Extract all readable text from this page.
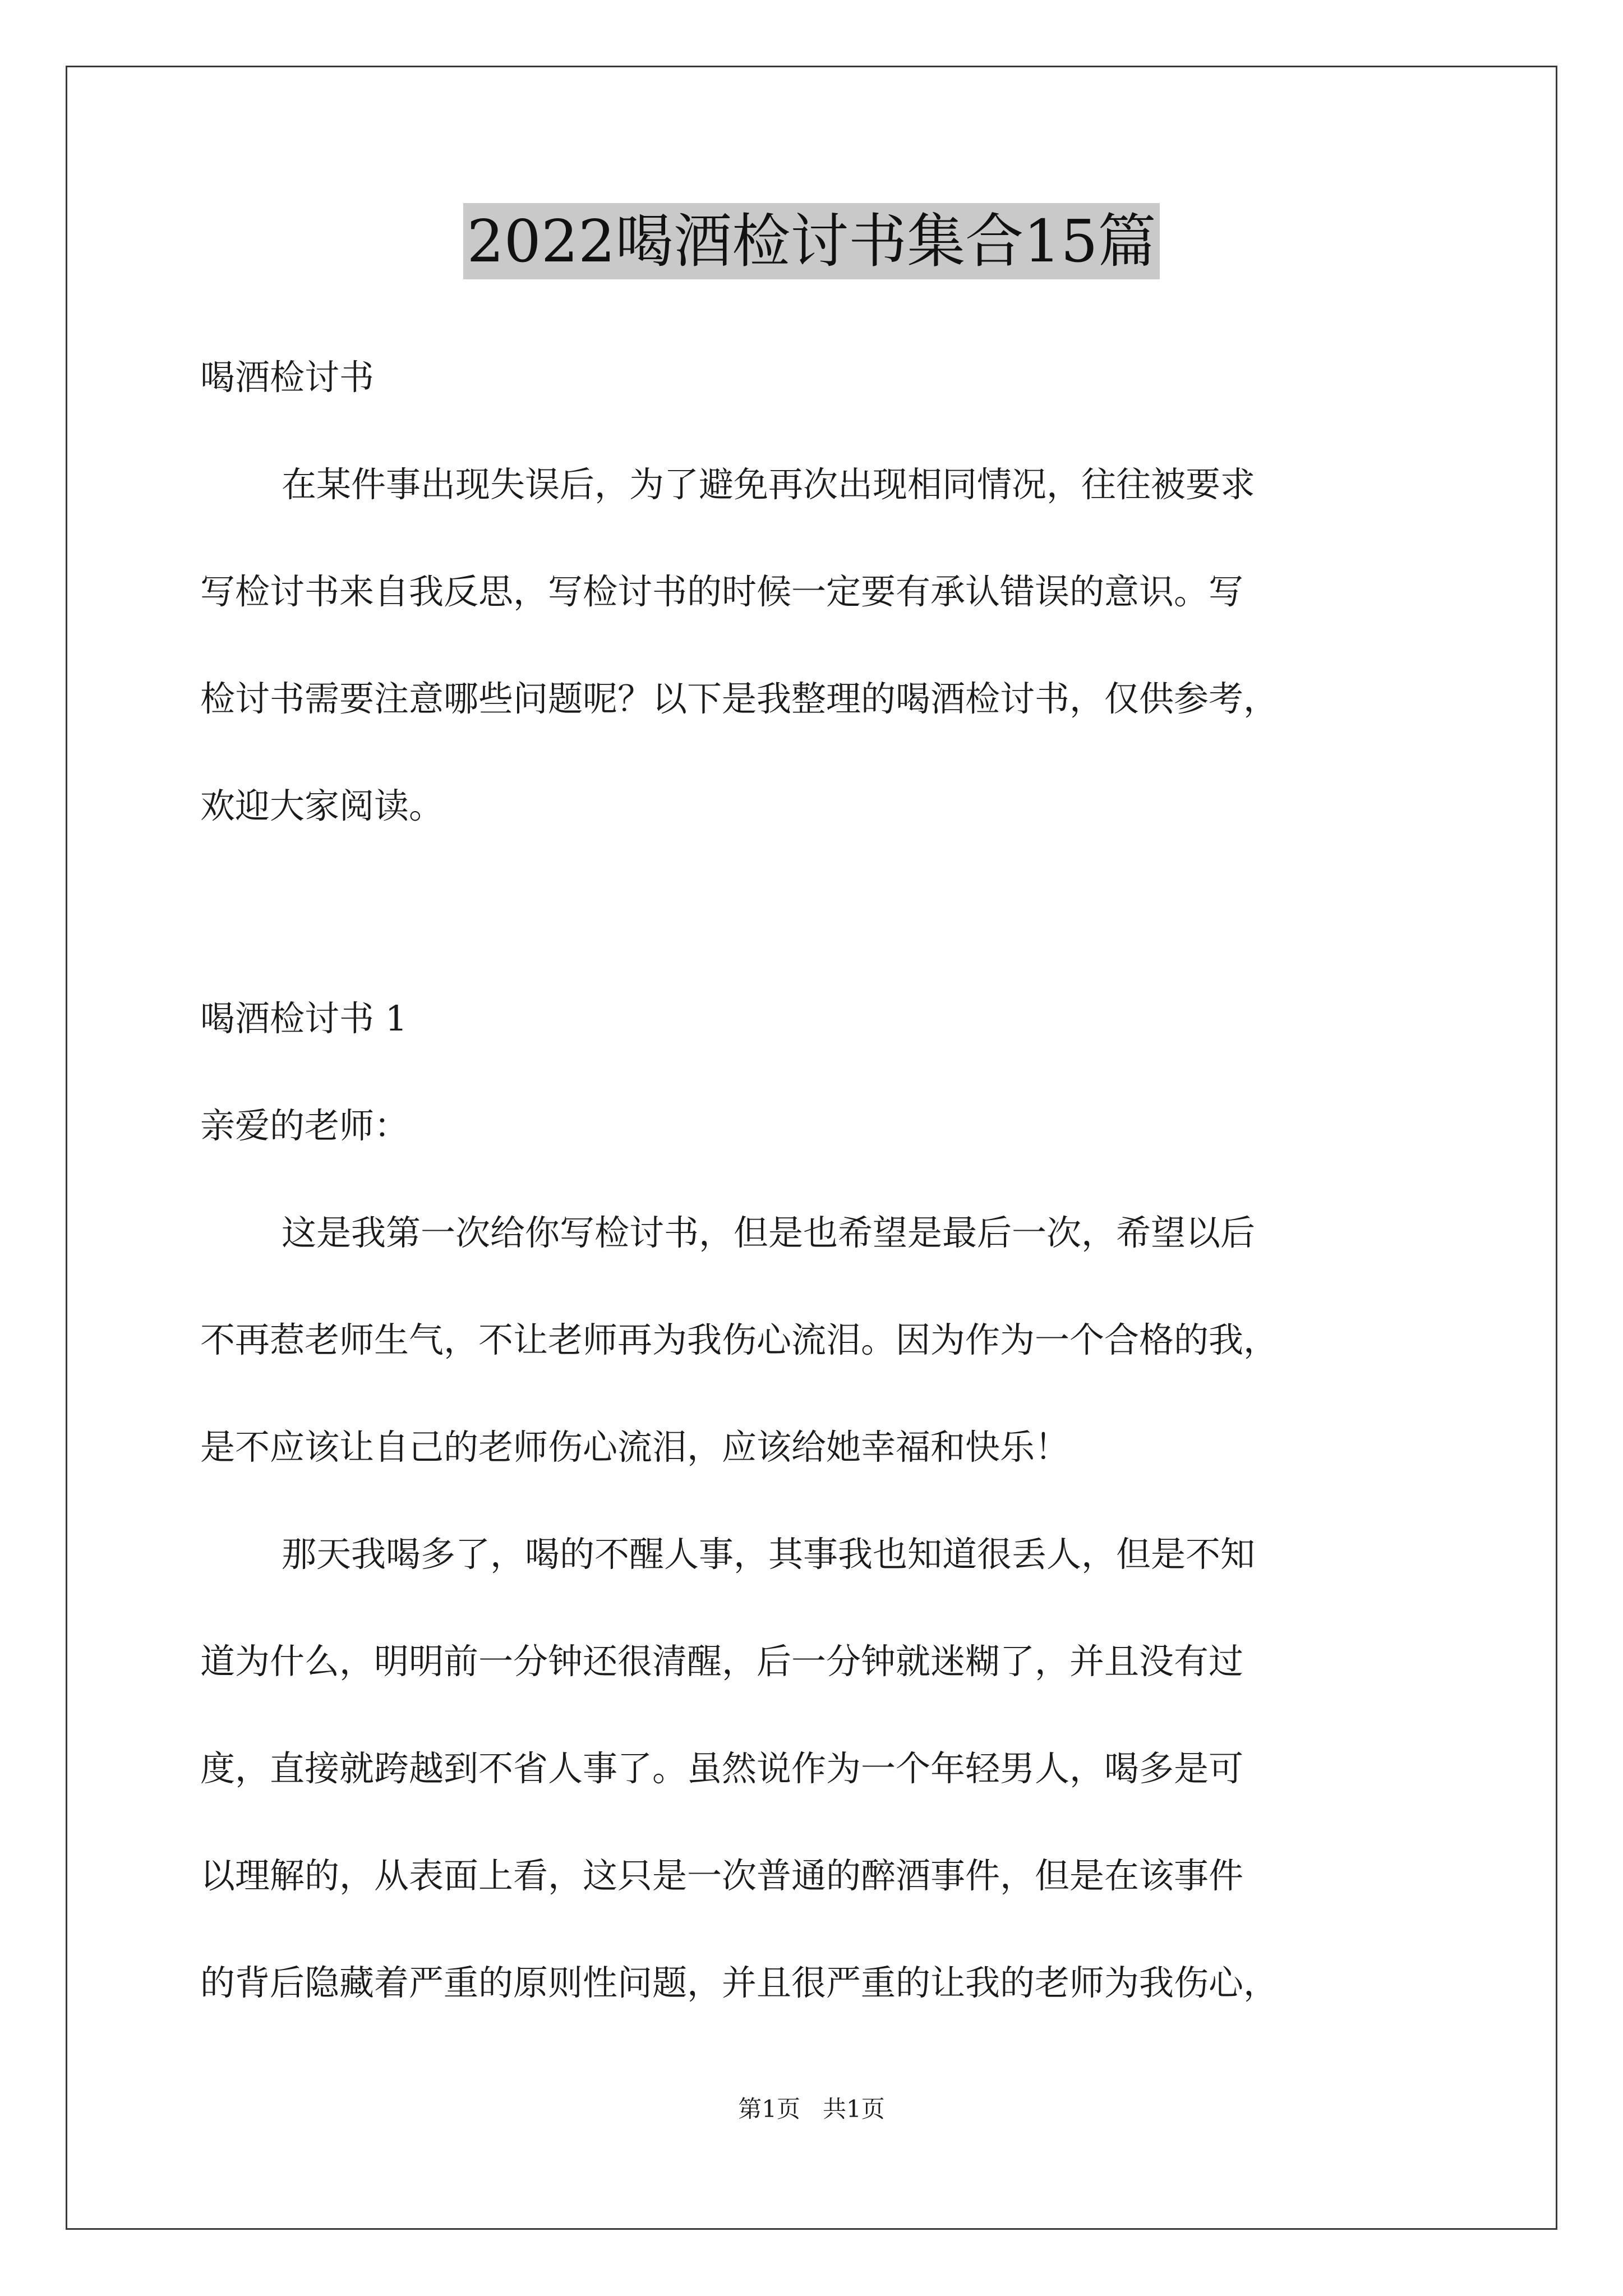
2022喝酒检讨书集合15篇

喝酒检讨书

在某件事出现失误后，为了避免再次出现相同情况，往往被要求

写检讨书来自我反思，写检讨书的时候一定要有承认错误的意识。写

检讨书需要注意哪些问题呢？以下是我整理的喝酒检讨书，仅供参考，

欢迎大家阅读。

喝酒检讨书 1

亲爱的老师：

这是我第一次给你写检讨书，但是也希望是最后一次，希望以后

不再惹老师生气，不让老师再为我伤心流泪。因为作为一个合格的我，

是不应该让自己的老师伤心流泪，应该给她幸福和快乐！

那天我喝多了，喝的不醒人事，其事我也知道很丢人，但是不知

道为什么，明明前一分钟还很清醒，后一分钟就迷糊了，并且没有过

度，直接就跨越到不省人事了。虽然说作为一个年轻男人，喝多是可

以理解的，从表面上看，这只是一次普通的醉酒事件，但是在该事件

的背后隐藏着严重的原则性问题，并且很严重的让我的老师为我伤心，

第1页   共1页
